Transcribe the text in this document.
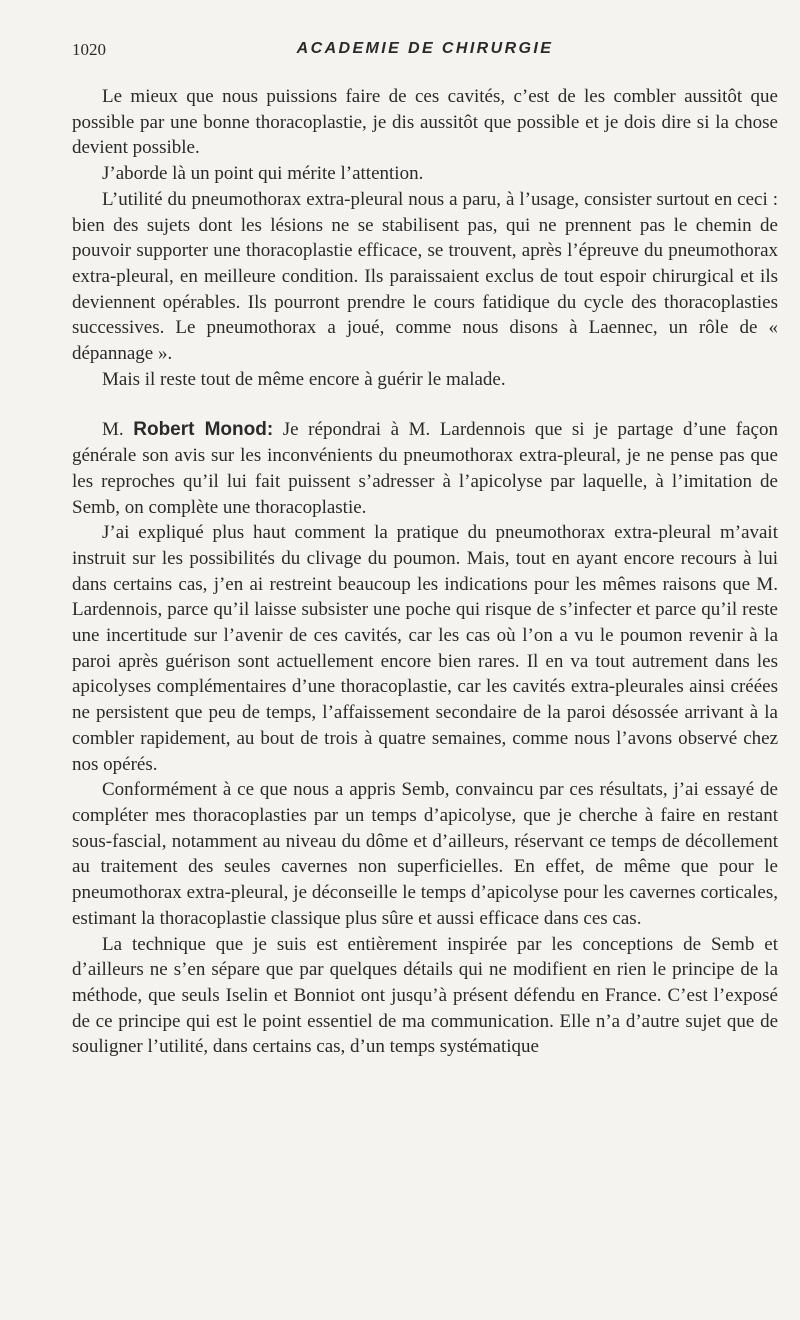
1020	ACADEMIE DE CHIRURGIE

Le mieux que nous puissions faire de ces cavités, c’est de les combler aussitôt que possible par une bonne thoracoplastie, je dis aussitôt que possible et je dois dire si la chose devient possible.

J’aborde là un point qui mérite l’attention.

L’utilité du pneumothorax extra-pleural nous a paru, à l’usage, consister surtout en ceci : bien des sujets dont les lésions ne se stabilisent pas, qui ne prennent pas le chemin de pouvoir supporter une thoracoplastie efficace, se trouvent, après l’épreuve du pneumothorax extra-pleural, en meilleure condition. Ils paraissaient exclus de tout espoir chirurgical et ils deviennent opérables. Ils pourront prendre le cours fatidique du cycle des thoracoplasties successives. Le pneumothorax a joué, comme nous disons à Laennec, un rôle de « dépannage ».

Mais il reste tout de même encore à guérir le malade.

M. Robert Monod: Je répondrai à M. Lardennois que si je partage d’une façon générale son avis sur les inconvénients du pneumothorax extra-pleural, je ne pense pas que les reproches qu’il lui fait puissent s’adresser à l’apicolyse par laquelle, à l’imitation de Semb, on complète une thoracoplastie.

J’ai expliqué plus haut comment la pratique du pneumothorax extra-pleural m’avait instruit sur les possibilités du clivage du poumon. Mais, tout en ayant encore recours à lui dans certains cas, j’en ai restreint beaucoup les indications pour les mêmes raisons que M. Lardennois, parce qu’il laisse subsister une poche qui risque de s’infecter et parce qu’il reste une incertitude sur l’avenir de ces cavités, car les cas où l’on a vu le poumon revenir à la paroi après guérison sont actuellement encore bien rares. Il en va tout autrement dans les apicolyses complémentaires d’une thoracoplastie, car les cavités extra-pleurales ainsi créées ne persistent que peu de temps, l’affaissement secondaire de la paroi désossée arrivant à la combler rapidement, au bout de trois à quatre semaines, comme nous l’avons observé chez nos opérés.

Conformément à ce que nous a appris Semb, convaincu par ces résultats, j’ai essayé de compléter mes thoracoplasties par un temps d’apicolyse, que je cherche à faire en restant sous-fascial, notamment au niveau du dôme et d’ailleurs, réservant ce temps de décollement au traitement des seules cavernes non superficielles. En effet, de même que pour le pneumothorax extra-pleural, je déconseille le temps d’apicolyse pour les cavernes corticales, estimant la thoracoplastie classique plus sûre et aussi efficace dans ces cas.

La technique que je suis est entièrement inspirée par les conceptions de Semb et d’ailleurs ne s’en sépare que par quelques détails qui ne modifient en rien le principe de la méthode, que seuls Iselin et Bonniot ont jusqu’à présent défendu en France. C’est l’exposé de ce principe qui est le point essentiel de ma communication. Elle n’a d’autre sujet que de souligner l’utilité, dans certains cas, d’un temps systématique
